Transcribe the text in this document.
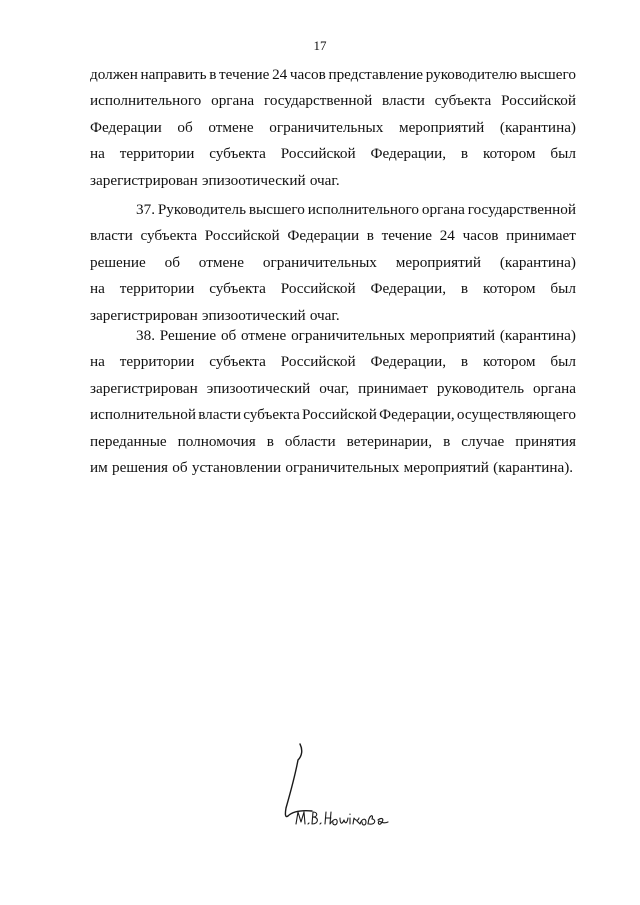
17
должен направить в течение 24 часов представление руководителю высшего
исполнительного органа государственной власти субъекта Российской
Федерации об отмене ограничительных мероприятий (карантина)
на территории субъекта Российской Федерации, в котором был
зарегистрирован эпизоотический очаг.
37. Руководитель высшего исполнительного органа государственной
власти субъекта Российской Федерации в течение 24 часов принимает
решение об отмене ограничительных мероприятий (карантина)
на территории субъекта Российской Федерации, в котором был
зарегистрирован эпизоотический очаг.
38. Решение об отмене ограничительных мероприятий (карантина)
на территории субъекта Российской Федерации, в котором был
зарегистрирован эпизоотический очаг, принимает руководитель органа
исполнительной власти субъекта Российской Федерации, осуществляющего
переданные полномочия в области ветеринарии, в случае принятия
им решения об установлении ограничительных мероприятий (карантина).
